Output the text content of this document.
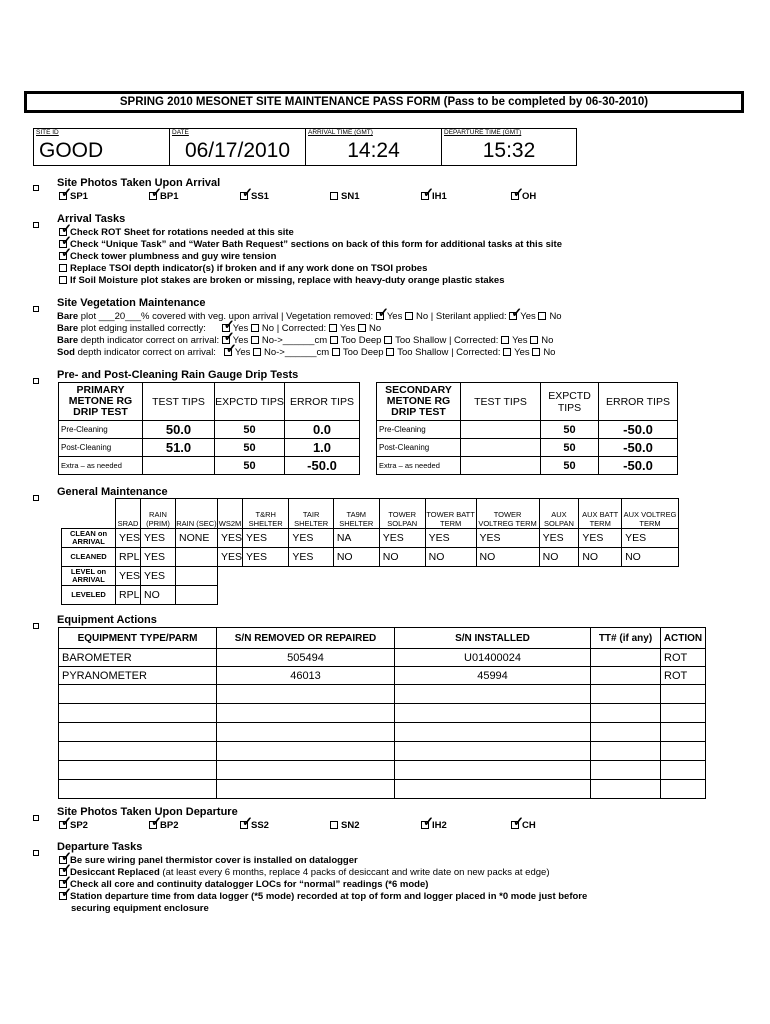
SPRING 2010 MESONET SITE MAINTENANCE PASS FORM (Pass to be completed by 06-30-2010)
SITE ID
GOOD
DATE
06/17/2010
ARRIVAL TIME (GMT)
14:24
DEPARTURE TIME (GMT)
15:32
Site Photos Taken Upon Arrival
✓SP1 ✓	BP1 ✓	SS1	SN1 ✓	IH1 ✓	OH
Arrival Tasks
✓Check ROT Sheet for rotations needed at this site
✓Check “Unique Task” and “Water Bath Request” sections on back of this form for additional tasks at this site
✓Check tower plumbness and guy wire tension
Replace TSOI depth indicator(s) if broken and if any work done on TSOI probes
If Soil Moisture plot stakes are broken or missing, replace with heavy-duty orange plastic stakes
Site Vegetation Maintenance
Bare plot ___20___% covered with veg. upon arrival | Vegetation removed: ✓ Yes No | Sterilant applied: ✓ Yes No
Bare plot edging installed correctly: ✓	Yes No | Corrected: Yes No
Bare depth indicator correct on arrival: ✓ Yes No->______cm Too Deep Too Shallow | Corrected: Yes No
Sod depth indicator correct on arrival: ✓ Yes No->______cm Too Deep Too Shallow | Corrected: Yes No
Pre- and Post-Cleaning Rain Gauge Drip Tests
PRIMARY METONE RG DRIP TEST	TEST TIPS	EXPCTD TIPS	ERROR TIPS
Pre-Cleaning	50.0	50	0.0
Post-Cleaning	51.0	50	1.0
Extra – as needed		50	-50.0
SECONDARY METONE RG DRIP TEST	TEST TIPS	EXPCTD TIPS	ERROR TIPS
Pre-Cleaning		50	-50.0
Post-Cleaning		50	-50.0
Extra – as needed		50	-50.0
General Maintenance
	SRAD	RAIN (PRIM)	RAIN (SEC)	WS2M	T&RH SHELTER	TAIR SHELTER	TA9M SHELTER	TOWER SOLPAN	TOWER BATT TERM	TOWER VOLTREG TERM	AUX SOLPAN	AUX BATT TERM	AUX VOLTREG TERM
CLEAN on ARRIVAL	YES	YES	NONE	YES	YES	YES	NA	YES	YES	YES	YES	YES	YES
CLEANED	RPL	YES		YES	YES	YES	NO	NO	NO	NO	NO	NO	NO
LEVEL on ARRIVAL	YES	YES											
LEVELED	RPL	NO											
Equipment Actions
EQUIPMENT TYPE/PARM	S/N REMOVED OR REPAIRED	S/N INSTALLED	TT# (if any)	ACTION
BAROMETER	505494	U01400024		ROT
PYRANOMETER	46013	45994		ROT

Site Photos Taken Upon Departure
✓SP2 ✓	BP2 ✓	SS2	SN2 ✓	IH2 ✓	CH
Departure Tasks
✓Be sure wiring panel thermistor cover is installed on datalogger
✓Desiccant Replaced (at least every 6 months, replace 4 packs of desiccant and write date on new packs at edge)
✓Check all core and continuity datalogger LOCs for “normal” readings (*6 mode)
✓Station departure time from data logger (*5 mode) recorded at top of form and logger placed in *0 mode just before
securing equipment enclosure
